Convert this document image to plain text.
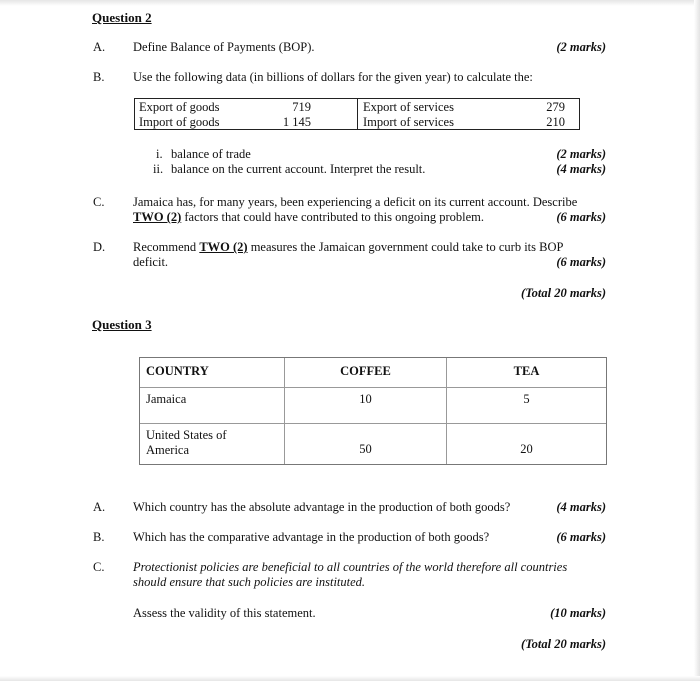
Question 2
A. Define Balance of Payments (BOP).	(2 marks)
B. Use the following data (in billions of dollars for the given year) to calculate the:
Export of goods	719	Export of services	279
Import of goods	1 145	Import of services	210
i. balance of trade	(2 marks)
ii. balance on the current account. Interpret the result.	(4 marks)
C. Jamaica has, for many years, been experiencing a deficit on its current account. Describe
TWO (2) factors that could have contributed to this ongoing problem.	(6 marks)
D. Recommend TWO (2) measures the Jamaican government could take to curb its BOP
deficit.	(6 marks)
(Total 20 marks)
Question 3
COUNTRY	COFFEE	TEA
Jamaica	10	5
United States of
America	50	20
A. Which country has the absolute advantage in the production of both goods?	(4 marks)
B. Which has the comparative advantage in the production of both goods?	(6 marks)
C. Protectionist policies are beneficial to all countries of the world therefore all countries
should ensure that such policies are instituted.
Assess the validity of this statement.	(10 marks)
(Total 20 marks)
